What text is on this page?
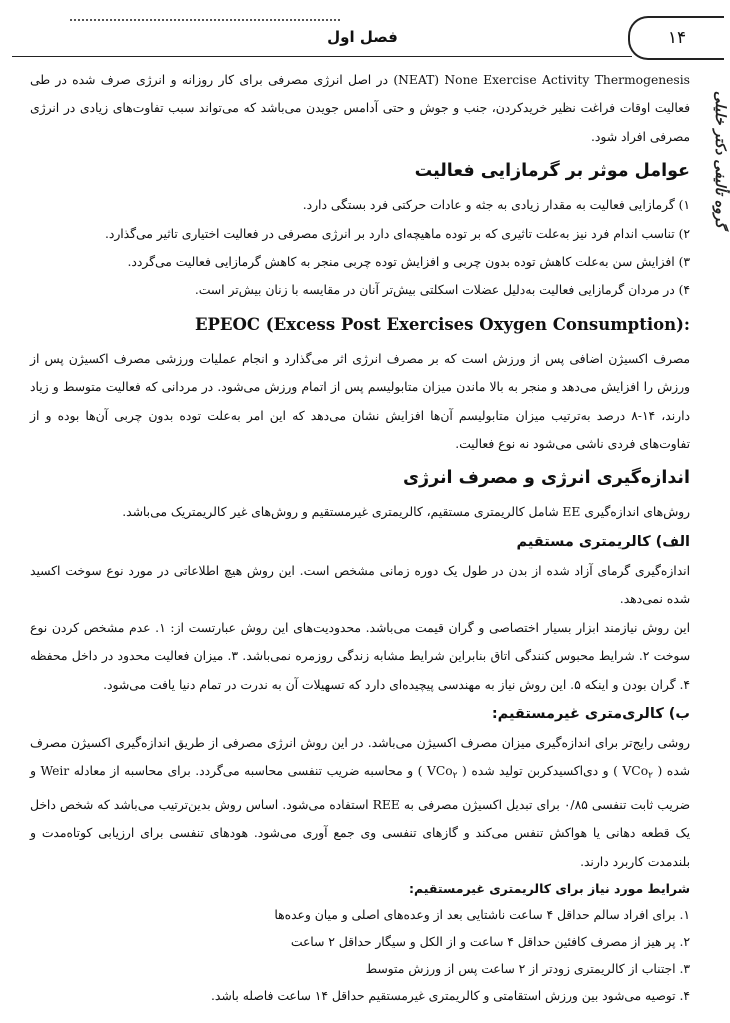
فصل اول	۱۴
گروه تألیفی دکتر خلیلی

(NEAT) None Exercise Activity Thermogenesis در اصل انرژی مصرفی برای کار روزانه و انرژی صرف شده در طی فعالیت اوقات فراغت نظیر خریدکردن، جنب و جوش و حتی آدامس جویدن می‌باشد که می‌تواند سبب تفاوت‌های زیادی در انرژی مصرفی افراد شود.

عوامل موثر بر گرمازایی فعالیت
۱) گرمازایی فعالیت به مقدار زیادی به جثه و عادات حرکتی فرد بستگی دارد.
۲) تناسب اندام فرد نیز به‌علت تاثیری که بر توده ماهیچه‌ای دارد بر انرژی مصرفی در فعالیت اختیاری تاثیر می‌گذارد.
۳) افزایش سن به‌علت کاهش توده بدون چربی و افزایش توده چربی منجر به کاهش گرمازایی فعالیت می‌گردد.
۴) در مردان گرمازایی فعالیت به‌دلیل عضلات اسکلتی بیش‌تر آنان در مقایسه با زنان بیش‌تر است.
EPEOC (Excess Post Exercises Oxygen Consumption):

مصرف اکسیژن اضافی پس از ورزش است که بر مصرف انرژی اثر می‌گذارد و انجام عملیات ورزشی مصرف اکسیژن پس از ورزش را افزایش می‌دهد و منجر به بالا ماندن میزان متابولیسم پس از اتمام ورزش می‌شود. در مردانی که فعالیت متوسط و زیاد دارند، ۱۴-۸ درصد به‌ترتیب میزان متابولیسم آن‌ها افزایش نشان می‌دهد که این امر به‌علت توده بدون چربی آن‌ها بوده و از تفاوت‌های فردی ناشی می‌شود نه نوع فعالیت.

اندازه‌گیری انرژی و مصرف انرژی

روش‌های اندازه‌گیری EE شامل کالریمتری مستقیم، کالریمتری غیرمستقیم و روش‌های غیر کالریمتریک می‌باشد.

الف) کالریمتری مستقیم

اندازه‌گیری گرمای آزاد شده از بدن در طول یک دوره زمانی مشخص است. این روش هیچ اطلاعاتی در مورد نوع سوخت اکسید شده نمی‌دهد.

این روش نیازمند ابزار بسیار اختصاصی و گران قیمت می‌باشد. محدودیت‌های این روش عبارتست از: ۱. عدم مشخص کردن نوع سوخت ۲. شرایط محبوس کنندگی اتاق بنابراین شرایط مشابه زندگی روزمره نمی‌باشد. ۳. میزان فعالیت محدود در داخل محفظه ۴. گران بودن و اینکه ۵. این روش نیاز به مهندسی پیچیده‌ای دارد که تسهیلات آن به ندرت در تمام دنیا یافت می‌شود.

ب) کالری‌متری غیرمستقیم:

روشی رایج‌تر برای اندازه‌گیری میزان مصرف اکسیژن می‌باشد. در این روش انرژی مصرفی از طریق اندازه‌گیری اکسیژن مصرف شده ( VCo$_۲$ ) و دی‌اکسیدکربن تولید شده ( VCo$_۲$ ) و محاسبه ضریب تنفسی محاسبه می‌گردد. برای محاسبه از معادله Weir و ضریب ثابت تنفسی ۰/۸۵ برای تبدیل اکسیژن مصرفی به REE استفاده می‌شود. اساس روش بدین‌ترتیب می‌باشد که شخص داخل یک قطعه دهانی یا هواکش تنفس می‌کند و گازهای تنفسی وی جمع آوری می‌شود. هودهای تنفسی برای ارزیابی کوتاه‌مدت و بلندمدت کاربرد دارند.

شرایط مورد نیاز برای کالریمتری غیرمستقیم:
۱. برای افراد سالم حداقل ۴ ساعت ناشتایی بعد از وعده‌های اصلی و میان وعده‌ها
۲. پر هیز از مصرف کافئین حداقل ۴ ساعت و از الکل و سیگار حداقل ۲ ساعت
۳. اجتناب از کالریمتری زودتر از ۲ ساعت پس از ورزش متوسط
۴. توصیه می‌شود بین ورزش استقامتی و کالریمتری غیرمستقیم حداقل ۱۴ ساعت فاصله باشد.
